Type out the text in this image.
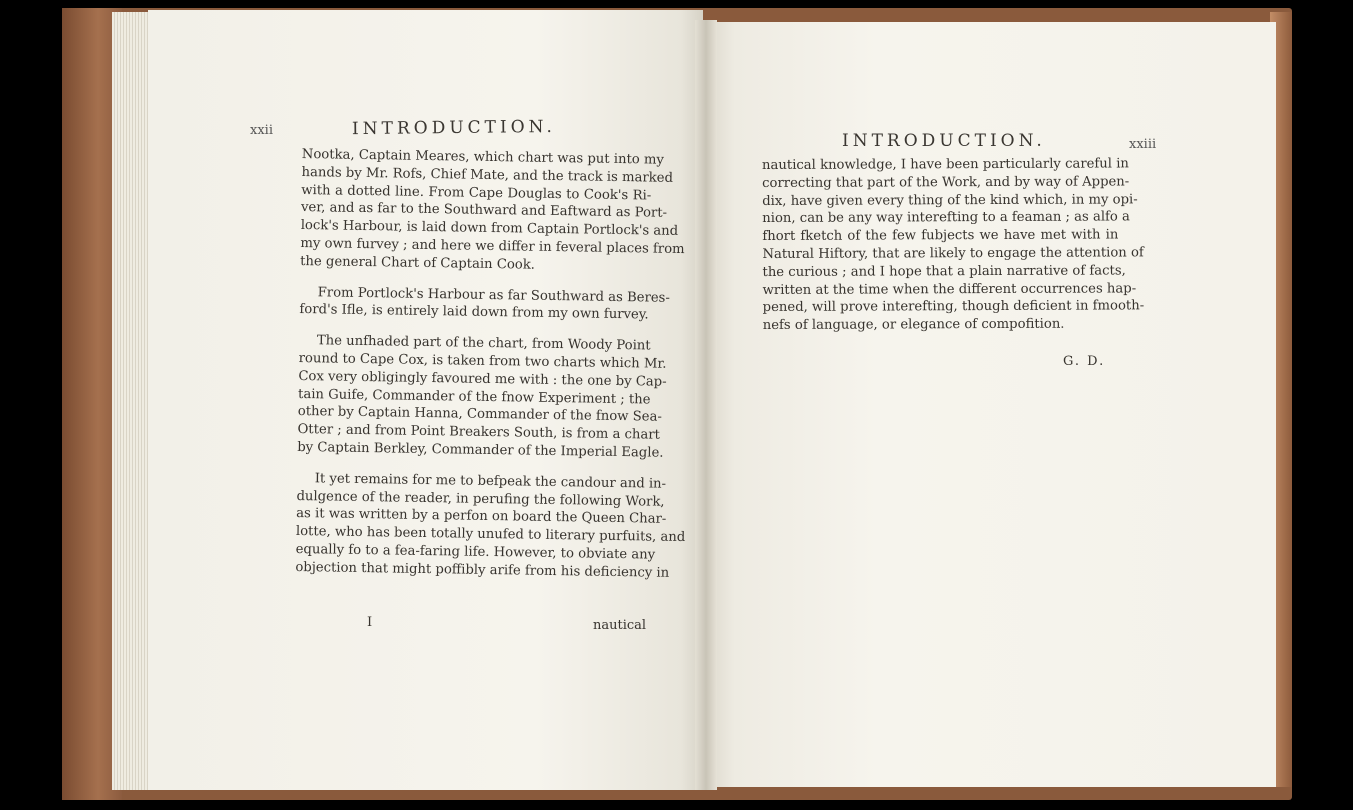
xxii	INTRODUCTION.
Nootka, Captain Meares, which chart was put into my
hands by Mr. Rofs, Chief Mate, and the track is marked
with a dotted line. From Cape Douglas to Cook's Ri-
ver, and as far to the Southward and Eaftward as Port-
lock's Harbour, is laid down from Captain Portlock's and
my own furvey ; and here we differ in feveral places from
the general Chart of Captain Cook.
From Portlock's Harbour as far Southward as Beres-
ford's Ifle, is entirely laid down from my own furvey.
The unfhaded part of the chart, from Woody Point
round to Cape Cox, is taken from two charts which Mr.
Cox very obligingly favoured me with : the one by Cap-
tain Guife, Commander of the fnow Experiment ; the
other by Captain Hanna, Commander of the fnow Sea-
Otter ; and from Point Breakers South, is from a chart
by Captain Berkley, Commander of the Imperial Eagle.
It yet remains for me to befpeak the candour and in-
dulgence of the reader, in perufing the following Work,
as it was written by a perfon on board the Queen Char-
lotte, who has been totally unufed to literary purfuits, and
equally fo to a fea-faring life. However, to obviate any
objection that might poffibly arife from his deficiency in
I	nautical
INTRODUCTION.	xxiii
nautical knowledge, I have been particularly careful in
correcting that part of the Work, and by way of Appen-
dix, have given every thing of the kind which, in my opi-
nion, can be any way interefting to a feaman ; as alfo a
fhort fketch of the few fubjects we have met with in
Natural Hiftory, that are likely to engage the attention of
the curious ; and I hope that a plain narrative of facts,
written at the time when the different occurrences hap-
pened, will prove interefting, though deficient in fmooth-
nefs of language, or elegance of compofition.
G. D.
